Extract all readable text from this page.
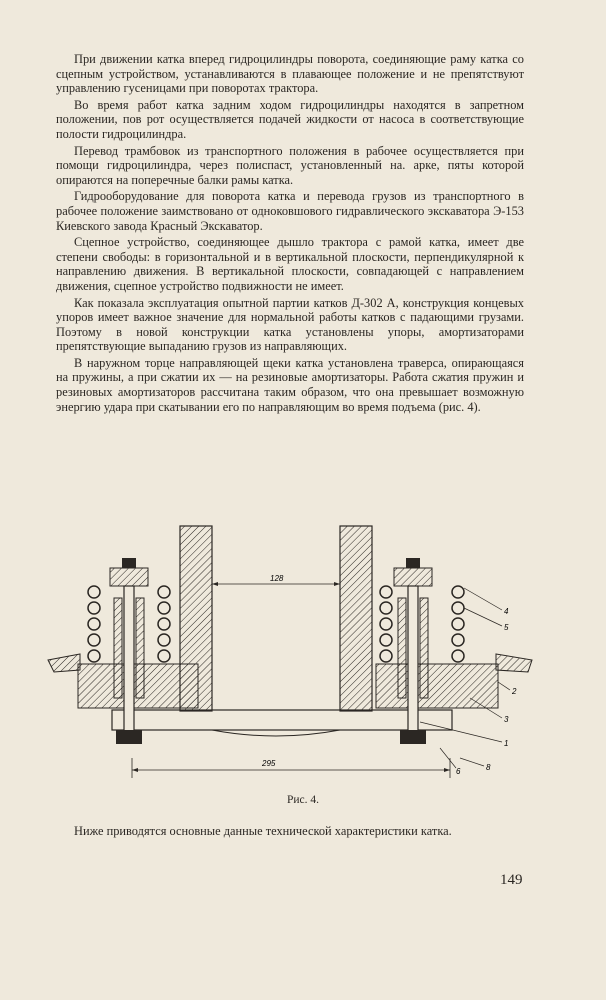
При движении катка вперед гидроцилиндры поворота, соединяющие раму катка со сцепным устройством, устанавливаются в плавающее положение и не препятствуют управлению гусеницами при поворотах трактора.

Во время работ катка задним ходом гидроцилиндры находятся в запретном положении, пов рот осуществляется подачей жидкости от насоса в соответствующие полости гидроцилиндра.

Перевод трамбовок из транспортного положения в рабочее осуществляется при помощи гидроцилиндра, через полиспаст, установленный на. арке, пяты которой опираются на поперечные балки рамы катка.

Гидрооборудование для поворота катка и перевода грузов из транспортного в рабочее положение заимствовано от одноковшового гидравлического экскаватора Э-153 Киевского завода Красный Экскаватор.

Сцепное устройство, соединяющее дышло трактора с рамой катка, имеет две степени свободы: в горизонтальной и в вертикальной плоскости, перпендикулярной к направлению движения. В вертикальной плоскости, совпадающей с направлением движения, сцепное устройство подвижности не имеет.

Как показала эксплуатация опытной партии катков Д-302 А, конструкция концевых упоров имеет важное значение для нормальной работы катков с падающими грузами. Поэтому в новой конструкции катка установлены упоры, амортизаторами препятствующие выпаданию грузов из направляющих.

В наружном торце направляющей щеки катка установлена траверса, опирающаяся на пружины, а при сжатии их — на резиновые амортизаторы. Работа сжатия пружин и резиновых амортизаторов рассчитана таким образом, что она превышает возможную энергию удара при скатывании его по направляющим во время подъема (рис. 4).

128
4
5
2
3
1
6	8
295
Рис. 4.

Ниже приводятся основные данные технической характеристики катка.

149
